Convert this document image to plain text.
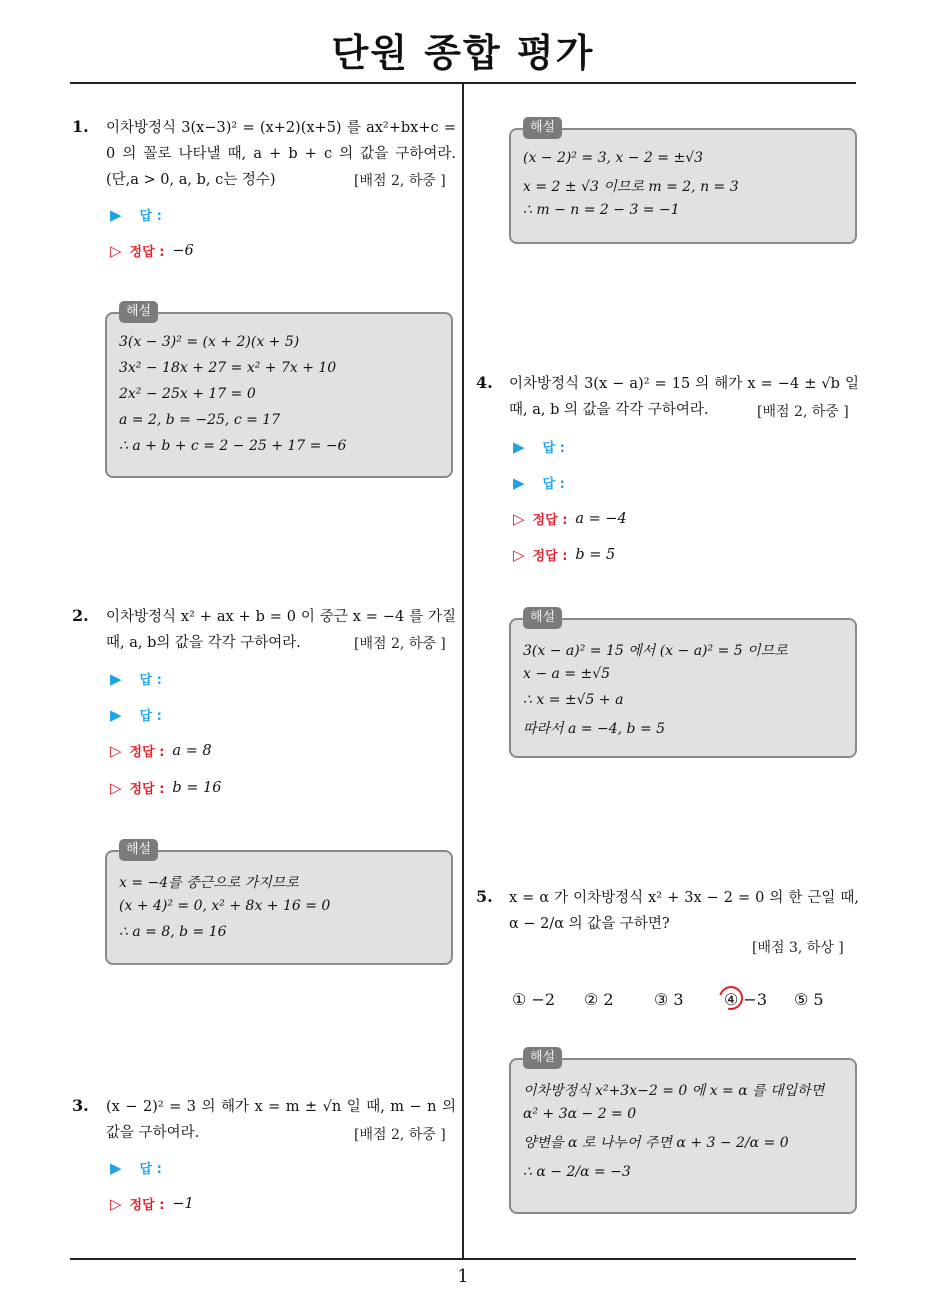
단원 종합 평가
1
1. 이차방정식 3(x−3)² = (x+2)(x+5) 를 ax²+bx+c = 0 의 꼴로 나타낼 때, a + b + c 의 값을 구하여라. (단,a > 0, a, b, c는 정수)	[배점 2, 하중 ]
▶ 답 :
▷ 정답 : −6
해설
3(x − 3)² = (x + 2)(x + 5)
3x² − 18x + 27 = x² + 7x + 10
2x² − 25x + 17 = 0
a = 2, b = −25, c = 17
∴ a + b + c = 2 − 25 + 17 = −6
2. 이차방정식 x² + ax + b = 0 이 중근 x = −4 를 가질 때, a, b의 값을 각각 구하여라.	[배점 2, 하중 ]
▶ 답 :
▶ 답 :
▷ 정답 : a = 8
▷ 정답 : b = 16
해설
x = −4를 중근으로 가지므로
(x + 4)² = 0, x² + 8x + 16 = 0
∴ a = 8, b = 16
3. (x − 2)² = 3 의 해가 x = m ± √n 일 때, m − n 의 값을 구하여라.	[배점 2, 하중 ]
▶ 답 :
▷ 정답 : −1
해설
(x − 2)² = 3, x − 2 = ±√3
x = 2 ± √3 이므로 m = 2, n = 3
∴ m − n = 2 − 3 = −1
4. 이차방정식 3(x − a)² = 15 의 해가 x = −4 ± √b 일 때, a, b 의 값을 각각 구하여라.	[배점 2, 하중 ]
▶ 답 :
▶ 답 :
▷ 정답 : a = −4
▷ 정답 : b = 5
해설
3(x − a)² = 15 에서 (x − a)² = 5 이므로
x − a = ±√5
∴ x = ±√5 + a
따라서 a = −4, b = 5
5. x = α 가 이차방정식 x² + 3x − 2 = 0 의 한 근일 때, α − 2/α 의 값을 구하면?
[배점 3, 하상 ]
① −2 ② 2	③ 3	④ −3 ⑤ 5
해설
이차방정식 x²+3x−2 = 0 에 x = α 를 대입하면
α² + 3α − 2 = 0
양변을 α 로 나누어 주면 α + 3 − 2/α = 0
∴ α − 2/α = −3
